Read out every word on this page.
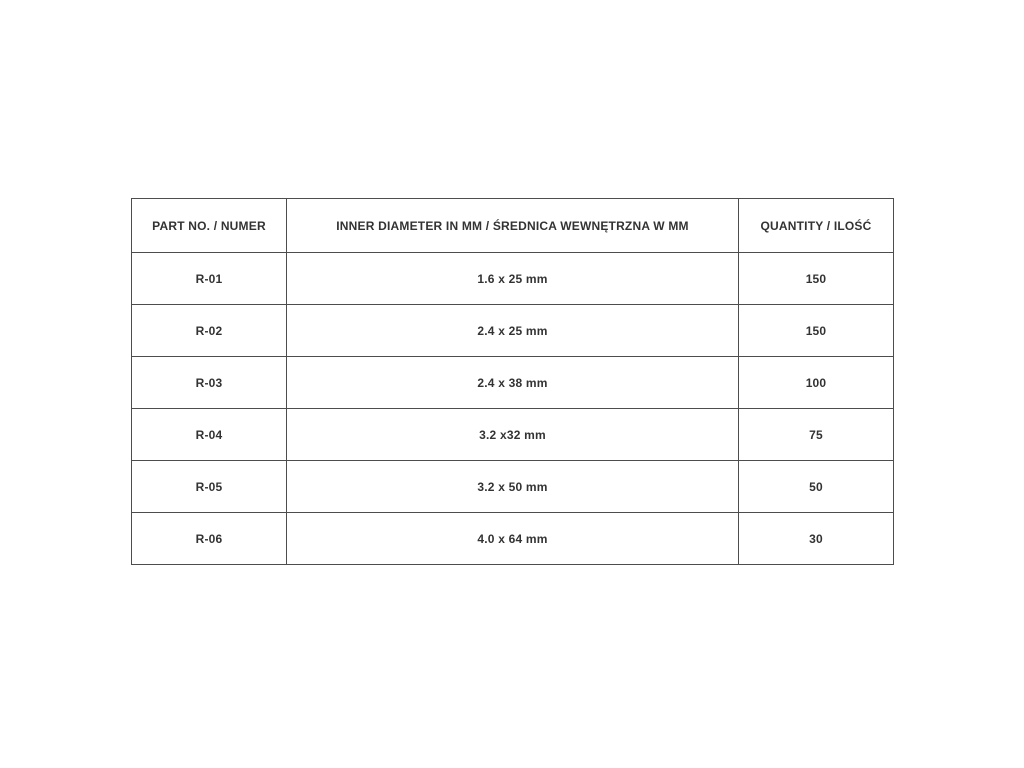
PART NO. / NUMER	INNER DIAMETER IN MM / ŚREDNICA WEWNĘTRZNA W MM	QUANTITY / ILOŚĆ
R-01	1.6 x 25 mm	150
R-02	2.4 x 25 mm	150
R-03	2.4 x 38 mm	100
R-04	3.2 x32 mm	75
R-05	3.2 x 50 mm	50
R-06	4.0 x 64 mm	30
